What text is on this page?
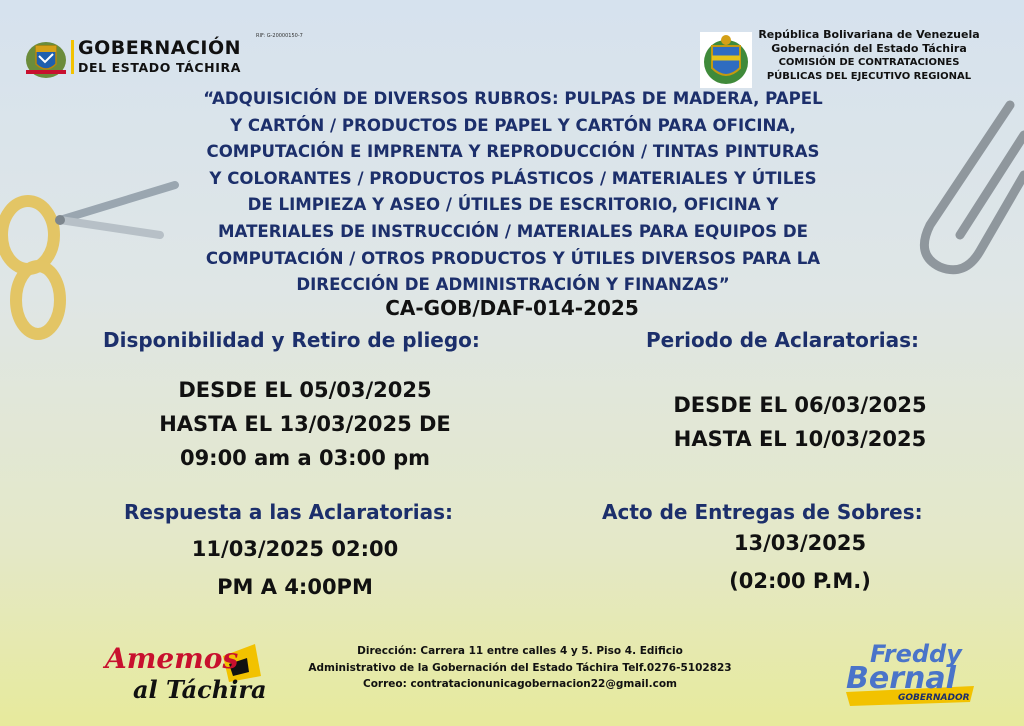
RIF: G-20000150-7
GOBERNACIÓN
DEL ESTADO TÁCHIRA
República Bolivariana de Venezuela
Gobernación del Estado Táchira
COMISIÓN DE CONTRATACIONES
PÚBLICAS DEL EJECUTIVO REGIONAL
“ADQUISICIÓN DE DIVERSOS RUBROS: PULPAS DE MADERA, PAPEL
Y CARTÓN / PRODUCTOS DE PAPEL Y CARTÓN PARA OFICINA,
COMPUTACIÓN E IMPRENTA Y REPRODUCCIÓN / TINTAS PINTURAS
Y COLORANTES / PRODUCTOS PLÁSTICOS / MATERIALES Y ÚTILES
DE LIMPIEZA Y ASEO / ÚTILES DE ESCRITORIO, OFICINA Y
MATERIALES DE INSTRUCCIÓN / MATERIALES PARA EQUIPOS DE
COMPUTACIÓN / OTROS PRODUCTOS Y ÚTILES DIVERSOS PARA LA
DIRECCIÓN DE ADMINISTRACIÓN Y FINANZAS”
CA-GOB/DAF-014-2025
Disponibilidad y Retiro de pliego:
DESDE EL 05/03/2025
HASTA EL 13/03/2025 DE
09:00 am a 03:00 pm
Periodo de Aclaratorias:
DESDE EL 06/03/2025
HASTA EL 10/03/2025
Respuesta a las Aclaratorias:
11/03/2025 02:00
PM A 4:00PM
Acto de Entregas de Sobres:
13/03/2025
(02:00 P.M.)
Amemos
al Táchira
Dirección: Carrera 11 entre calles 4 y 5. Piso 4. Edificio
Administrativo de la Gobernación del Estado Táchira Telf.0276-5102823
Correo: contratacionunicagobernacion22@gmail.com
Freddy
Bernal
GOBERNADOR
